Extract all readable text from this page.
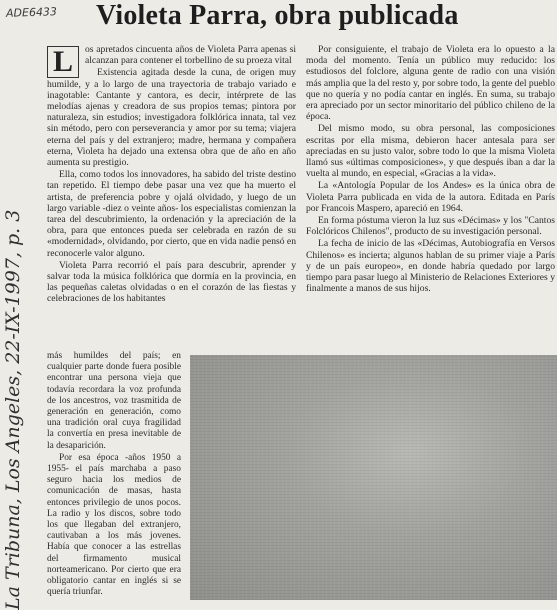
ADE6433 Violeta Parra, obra publicada
La Tribuna, Los Angeles, 22-IX-1997, p. 3
L	os apretados cincuenta años de Violeta Parra apenas si alcanzan para contener el torbellino de su proeza vital

Existencia agitada desde la cuna, de origen muy humilde, y a lo largo de una trayectoria de trabajo variado e inagotable: Cantante y cantora, es decir, intérprete de las melodías ajenas y creadora de sus propios temas; pintora por naturaleza, sin estudios; investigadora folklórica innata, tal vez sin método, pero con perseverancia y amor por su tema; viajera eterna del país y del extranjero; madre, hermana y compañera eterna, Violeta ha dejado una extensa obra que de año en año aumenta su prestigio.

Ella, como todos los innovadores, ha sabido del triste destino tan repetido. El tiempo debe pasar una vez que ha muerto el artista, de preferencia pobre y ojalá olvidado, y luego de un largo variable -diez o veinte años- los especialistas comienzan la tarea del descubrimiento, la ordenación y la apreciación de la obra, para que entonces pueda ser celebrada en razón de su «modernidad», olvidando, por cierto, que en vida nadie pensó en reconocerle valor alguno.

Violeta Parra recorrió el país para descubrir, aprender y salvar toda la música folklórica que dormía en la provincia, en las pequeñas caletas olvidadas o en el corazón de las fiestas y celebraciones de los habitantes

más humildes del país; en cualquier parte donde fuera posible encontrar una persona vieja que todavía recordara la voz profunda de los ancestros, voz trasmitida de generación en generación, como una tradición oral cuya fragilidad la convertía en presa inevitable de la desaparición.

Por esa época -años 1950 a 1955- el país marchaba a paso seguro hacia los medios de comunicación de masas, hasta entonces privilegio de unos pocos. La radio y los discos, sobre todo los que llegaban del extranjero, cautivaban a los más jovenes. Había que conocer a las estrellas del firmamento musical norteamericano. Por cierto que era obligatorio cantar en inglés si se quería triunfar.

Por consiguiente, el trabajo de Violeta era lo opuesto a la moda del momento. Tenía un público muy reducido: los estudiosos del folclore, alguna gente de radio con una visión más amplia que la del resto y, por sobre todo, la gente del pueblo que no quería y no podía cantar en inglés. En suma, su trabajo era apreciado por un sector minoritario del público chileno de la época.

Del mismo modo, su obra personal, las composiciones escritas por ella misma, debieron hacer antesala para ser apreciadas en su justo valor, sobre todo lo que la misma Violeta llamó sus «últimas composiciones», y que después iban a dar la vuelta al mundo, en especial, «Gracias a la vida».

La «Antología Popular de los Andes» es la única obra de Violeta Parra publicada en vida de la autora. Editada en París por Francois Maspero, apareció en 1964.

En forma póstuma vieron la luz sus «Décimas» y los "Cantos Folclóricos Chilenos", producto de su investigación personal.

La fecha de inicio de las «Décimas, Autobiografía en Versos Chilenos» es incierta; algunos hablan de su primer viaje a París y de un país europeo», en donde habría quedado por largo tiempo para pasar luego al Ministerio de Relaciones Exteriores y finalmente a manos de sus hijos.
